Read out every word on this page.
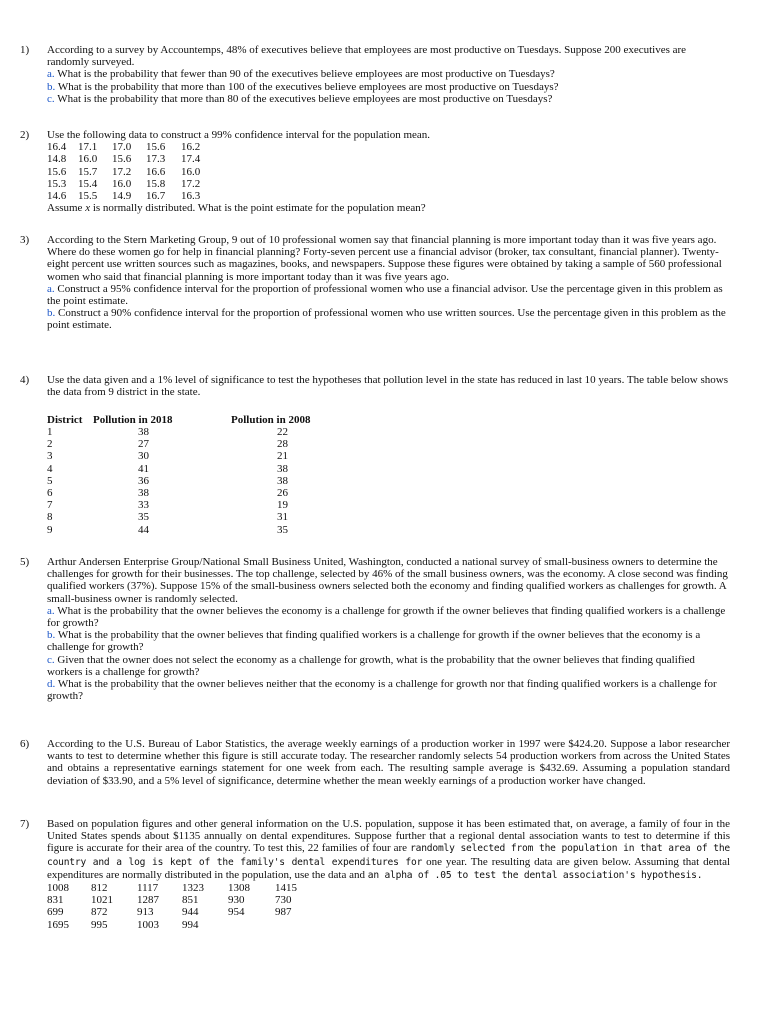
1)	According to a survey by Accountemps, 48% of executives believe that employees are most productive on Tuesdays. Suppose 200 executives are randomly surveyed.
a. What is the probability that fewer than 90 of the executives believe employees are most productive on Tuesdays?
b. What is the probability that more than 100 of the executives believe employees are most productive on Tuesdays?
c. What is the probability that more than 80 of the executives believe employees are most productive on Tuesdays?
2)	Use the following data to construct a 99% confidence interval for the population mean.
16.4	17.1	17.0	15.6	16.2
14.8	16.0	15.6	17.3	17.4
15.6	15.7	17.2	16.6	16.0
15.3	15.4	16.0	15.8	17.2
14.6	15.5	14.9	16.7	16.3
Assume x is normally distributed. What is the point estimate for the population mean?
3)	According to the Stern Marketing Group, 9 out of 10 professional women say that financial planning is more important today than it was five years ago. Where do these women go for help in financial planning? Forty-seven percent use a financial advisor (broker, tax consultant, financial planner). Twenty-eight percent use written sources such as magazines, books, and newspapers. Suppose these figures were obtained by taking a sample of 560 professional women who said that financial planning is more important today than it was five years ago.
a. Construct a 95% confidence interval for the proportion of professional women who use a financial advisor. Use the percentage given in this problem as the point estimate.
b. Construct a 90% confidence interval for the proportion of professional women who use written sources. Use the percentage given in this problem as the point estimate.
4)	Use the data given and a 1% level of significance to test the hypotheses that pollution level in the state has reduced in last 10 years. The table below shows the data from 9 district in the state.
District	Pollution in 2018	Pollution in 2008
1	38	22
2	27	28
3	30	21
4	41	38
5	36	38
6	38	26
7	33	19
8	35	31
9	44	35
5)	Arthur Andersen Enterprise Group/National Small Business United, Washington, conducted a national survey of small-business owners to determine the challenges for growth for their businesses. The top challenge, selected by 46% of the small business owners, was the economy. A close second was finding qualified workers (37%). Suppose 15% of the small-business owners selected both the economy and finding qualified workers as challenges for growth. A small-business owner is randomly selected.
a. What is the probability that the owner believes the economy is a challenge for growth if the owner believes that finding qualified workers is a challenge for growth?
b. What is the probability that the owner believes that finding qualified workers is a challenge for growth if the owner believes that the economy is a challenge for growth?
c. Given that the owner does not select the economy as a challenge for growth, what is the probability that the owner believes that finding qualified workers is a challenge for growth?
d. What is the probability that the owner believes neither that the economy is a challenge for growth nor that finding qualified workers is a challenge for growth?
6)	According to the U.S. Bureau of Labor Statistics, the average weekly earnings of a production worker in 1997 were $424.20. Suppose a labor researcher wants to test to determine whether this figure is still accurate today. The researcher randomly selects 54 production workers from across the United States and obtains a representative earnings statement for one week from each. The resulting sample average is $432.69. Assuming a population standard deviation of $33.90, and a 5% level of significance, determine whether the mean weekly earnings of a production worker have changed.
7)	Based on population figures and other general information on the U.S. population, suppose it has been estimated that, on average, a family of four in the United States spends about $1135 annually on dental expenditures. Suppose further that a regional dental association wants to test to determine if this figure is accurate for their area of the country. To test this, 22 families of four are randomly selected from the population in that area of the country and a log is kept of the family's dental expenditures for one year. The resulting data are given below. Assuming that dental expenditures are normally distributed in the population, use the data and an alpha of .05 to test the dental association's hypothesis.
1008	812	1117	1323	1308	1415
831	1021	1287	851	930	730
699	872	913	944	954	987
1695	995	1003	994		
